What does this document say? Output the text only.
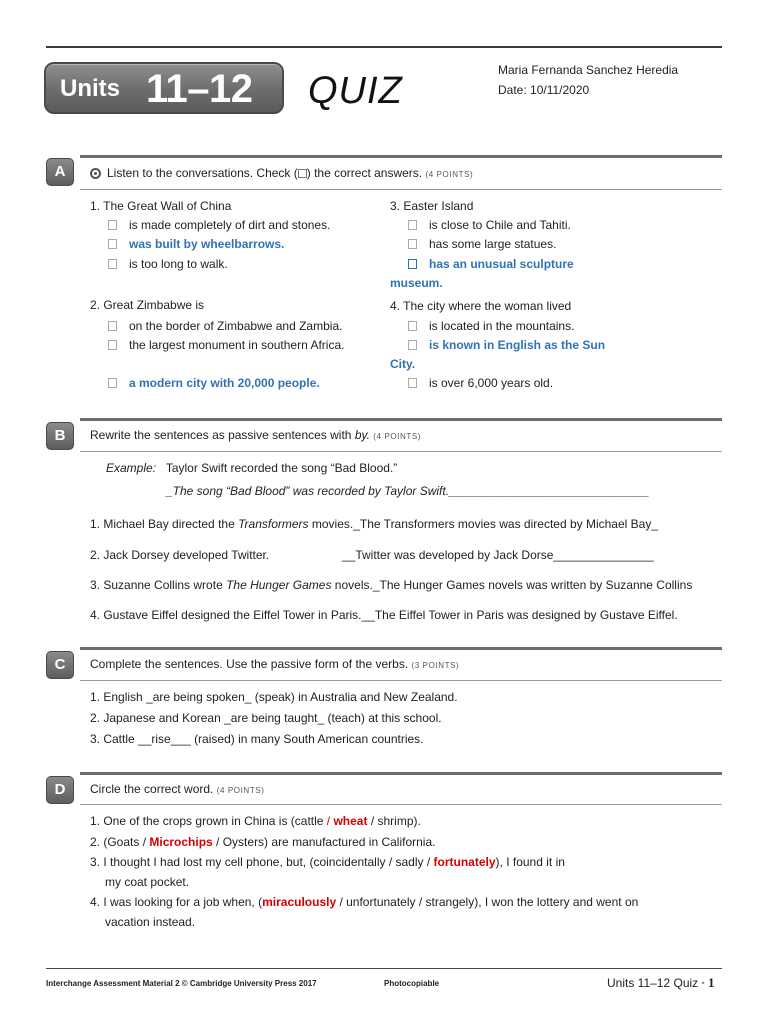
Units 11–12 QUIZ	Maria Fernanda Sanchez Heredia
Date: 10/11/2020
A	Listen to the conversations. Check ( ) the correct answers. (4 POINTS)
1. The Great Wall of China
is made completely of dirt and stones.
was built by wheelbarrows.
is too long to walk.
2. Great Zimbabwe is
on the border of Zimbabwe and Zambia.
the largest monument in southern Africa.
a modern city with 20,000 people.
3. Easter Island
is close to Chile and Tahiti.
has some large statues.
has an unusual sculpture
museum.
4. The city where the woman lived
is located in the mountains.
is known in English as the Sun
City.
is over 6,000 years old.
B	Rewrite the sentences as passive sentences with by. (4 POINTS)
Example: Taylor Swift recorded the song “Bad Blood.”
_The song “Bad Blood” was recorded by Taylor Swift.______________________________
1. Michael Bay directed the Transformers movies._The Transformers movies was directed by Michael Bay_
2. Jack Dorsey developed Twitter.	__Twitter was developed by Jack Dorse_______________
3. Suzanne Collins wrote The Hunger Games novels._The Hunger Games novels was written by Suzanne Collins
4. Gustave Eiffel designed the Eiffel Tower in Paris.__The Eiffel Tower in Paris was designed by Gustave Eiffel.
C	Complete the sentences. Use the passive form of the verbs. (3 POINTS)
1. English _are being spoken_ (speak) in Australia and New Zealand.
2. Japanese and Korean _are being taught_ (teach) at this school.
3. Cattle __rise___ (raised) in many South American countries.
D	Circle the correct word. (4 POINTS)
1. One of the crops grown in China is (cattle / wheat / shrimp).
2. (Goats / Microchips / Oysters) are manufactured in California.
3. I thought I had lost my cell phone, but, (coincidentally / sadly / fortunately), I found it in
my coat pocket.
4. I was looking for a job when, (miraculously / unfortunately / strangely), I won the lottery and went on
vacation instead.
Interchange Assessment Material 2 © Cambridge University Press 2017	Photocopiable	Units 11–12 Quiz • 1
